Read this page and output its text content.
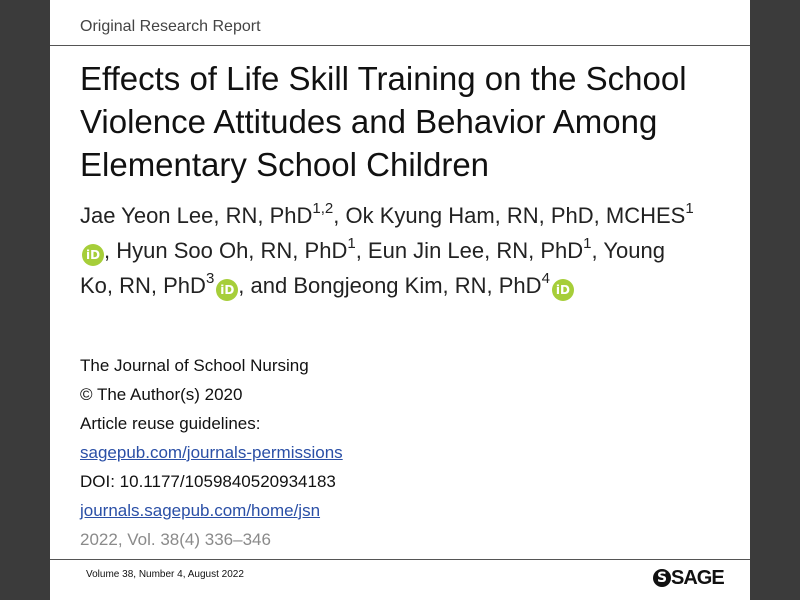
Original Research Report
Effects of Life Skill Training on the School Violence Attitudes and Behavior Among Elementary School Children
Jae Yeon Lee, RN, PhD$^{1,2}$, Ok Kyung Ham, RN, PhD, MCHES$^1$iD , Hyun Soo Oh, RN, PhD$^1$, Eun Jin Lee, RN, PhD$^1$, Young Ko, RN, PhD$^3$iD , and Bongjeong Kim, RN, PhD$^4$iD
The Journal of School Nursing
© The Author(s) 2020
Article reuse guidelines:
sagepub.com/journals-permissions
DOI: 10.1177/1059840520934183
journals.sagepub.com/home/jsn
2022, Vol. 38(4) 336–346
Volume 38, Number 4, August 2022	S SAGE
